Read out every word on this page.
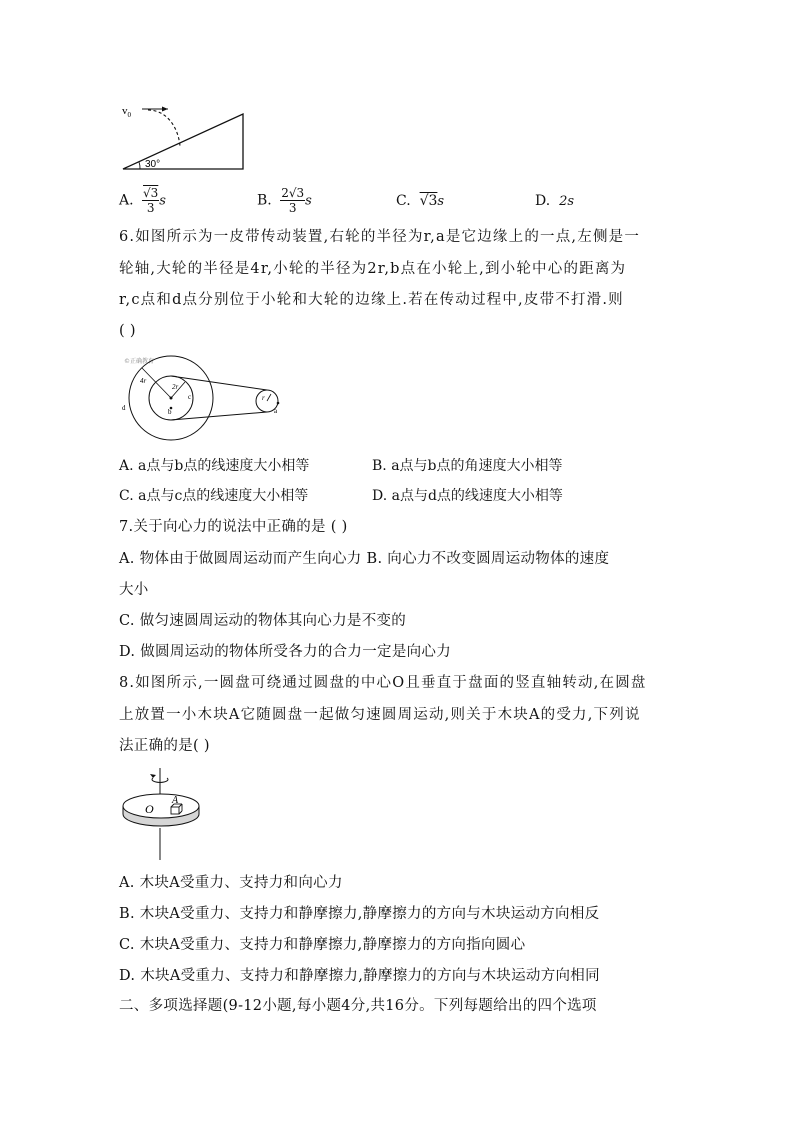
$v_0$
30°
A. $\frac{√3}{3}$ s	B. $\frac{2√3}{3}$ s	C. √3s	D. 2s
6.如图所示为一皮带传动装置,右轮的半径为r,a是它边缘上的一点,左侧是一
轮轴,大轮的半径是4r,小轮的半径为2r,b点在小轮上,到小轮中心的距离为
r,c点和d点分别位于小轮和大轮的边缘上.若在传动过程中,皮带不打滑.则
( )
©正确教育
4r
2r
c
b
d
r
a
A. a点与b点的线速度大小相等	B. a点与b点的角速度大小相等
C. a点与c点的线速度大小相等	D. a点与d点的线速度大小相等
7.关于向心力的说法中正确的是 ( )
A. 物体由于做圆周运动而产生向心力 B. 向心力不改变圆周运动物体的速度
大小
C. 做匀速圆周运动的物体其向心力是不变的
D. 做圆周运动的物体所受各力的合力一定是向心力
8.如图所示,一圆盘可绕通过圆盘的中心O且垂直于盘面的竖直轴转动,在圆盘
上放置一小木块A它随圆盘一起做匀速圆周运动,则关于木块A的受力,下列说
法正确的是( )
O
A
A. 木块A受重力、支持力和向心力
B. 木块A受重力、支持力和静摩擦力,静摩擦力的方向与木块运动方向相反
C. 木块A受重力、支持力和静摩擦力,静摩擦力的方向指向圆心
D. 木块A受重力、支持力和静摩擦力,静摩擦力的方向与木块运动方向相同
二、多项选择题(9-12小题,每小题4分,共16分。下列每题给出的四个选项
